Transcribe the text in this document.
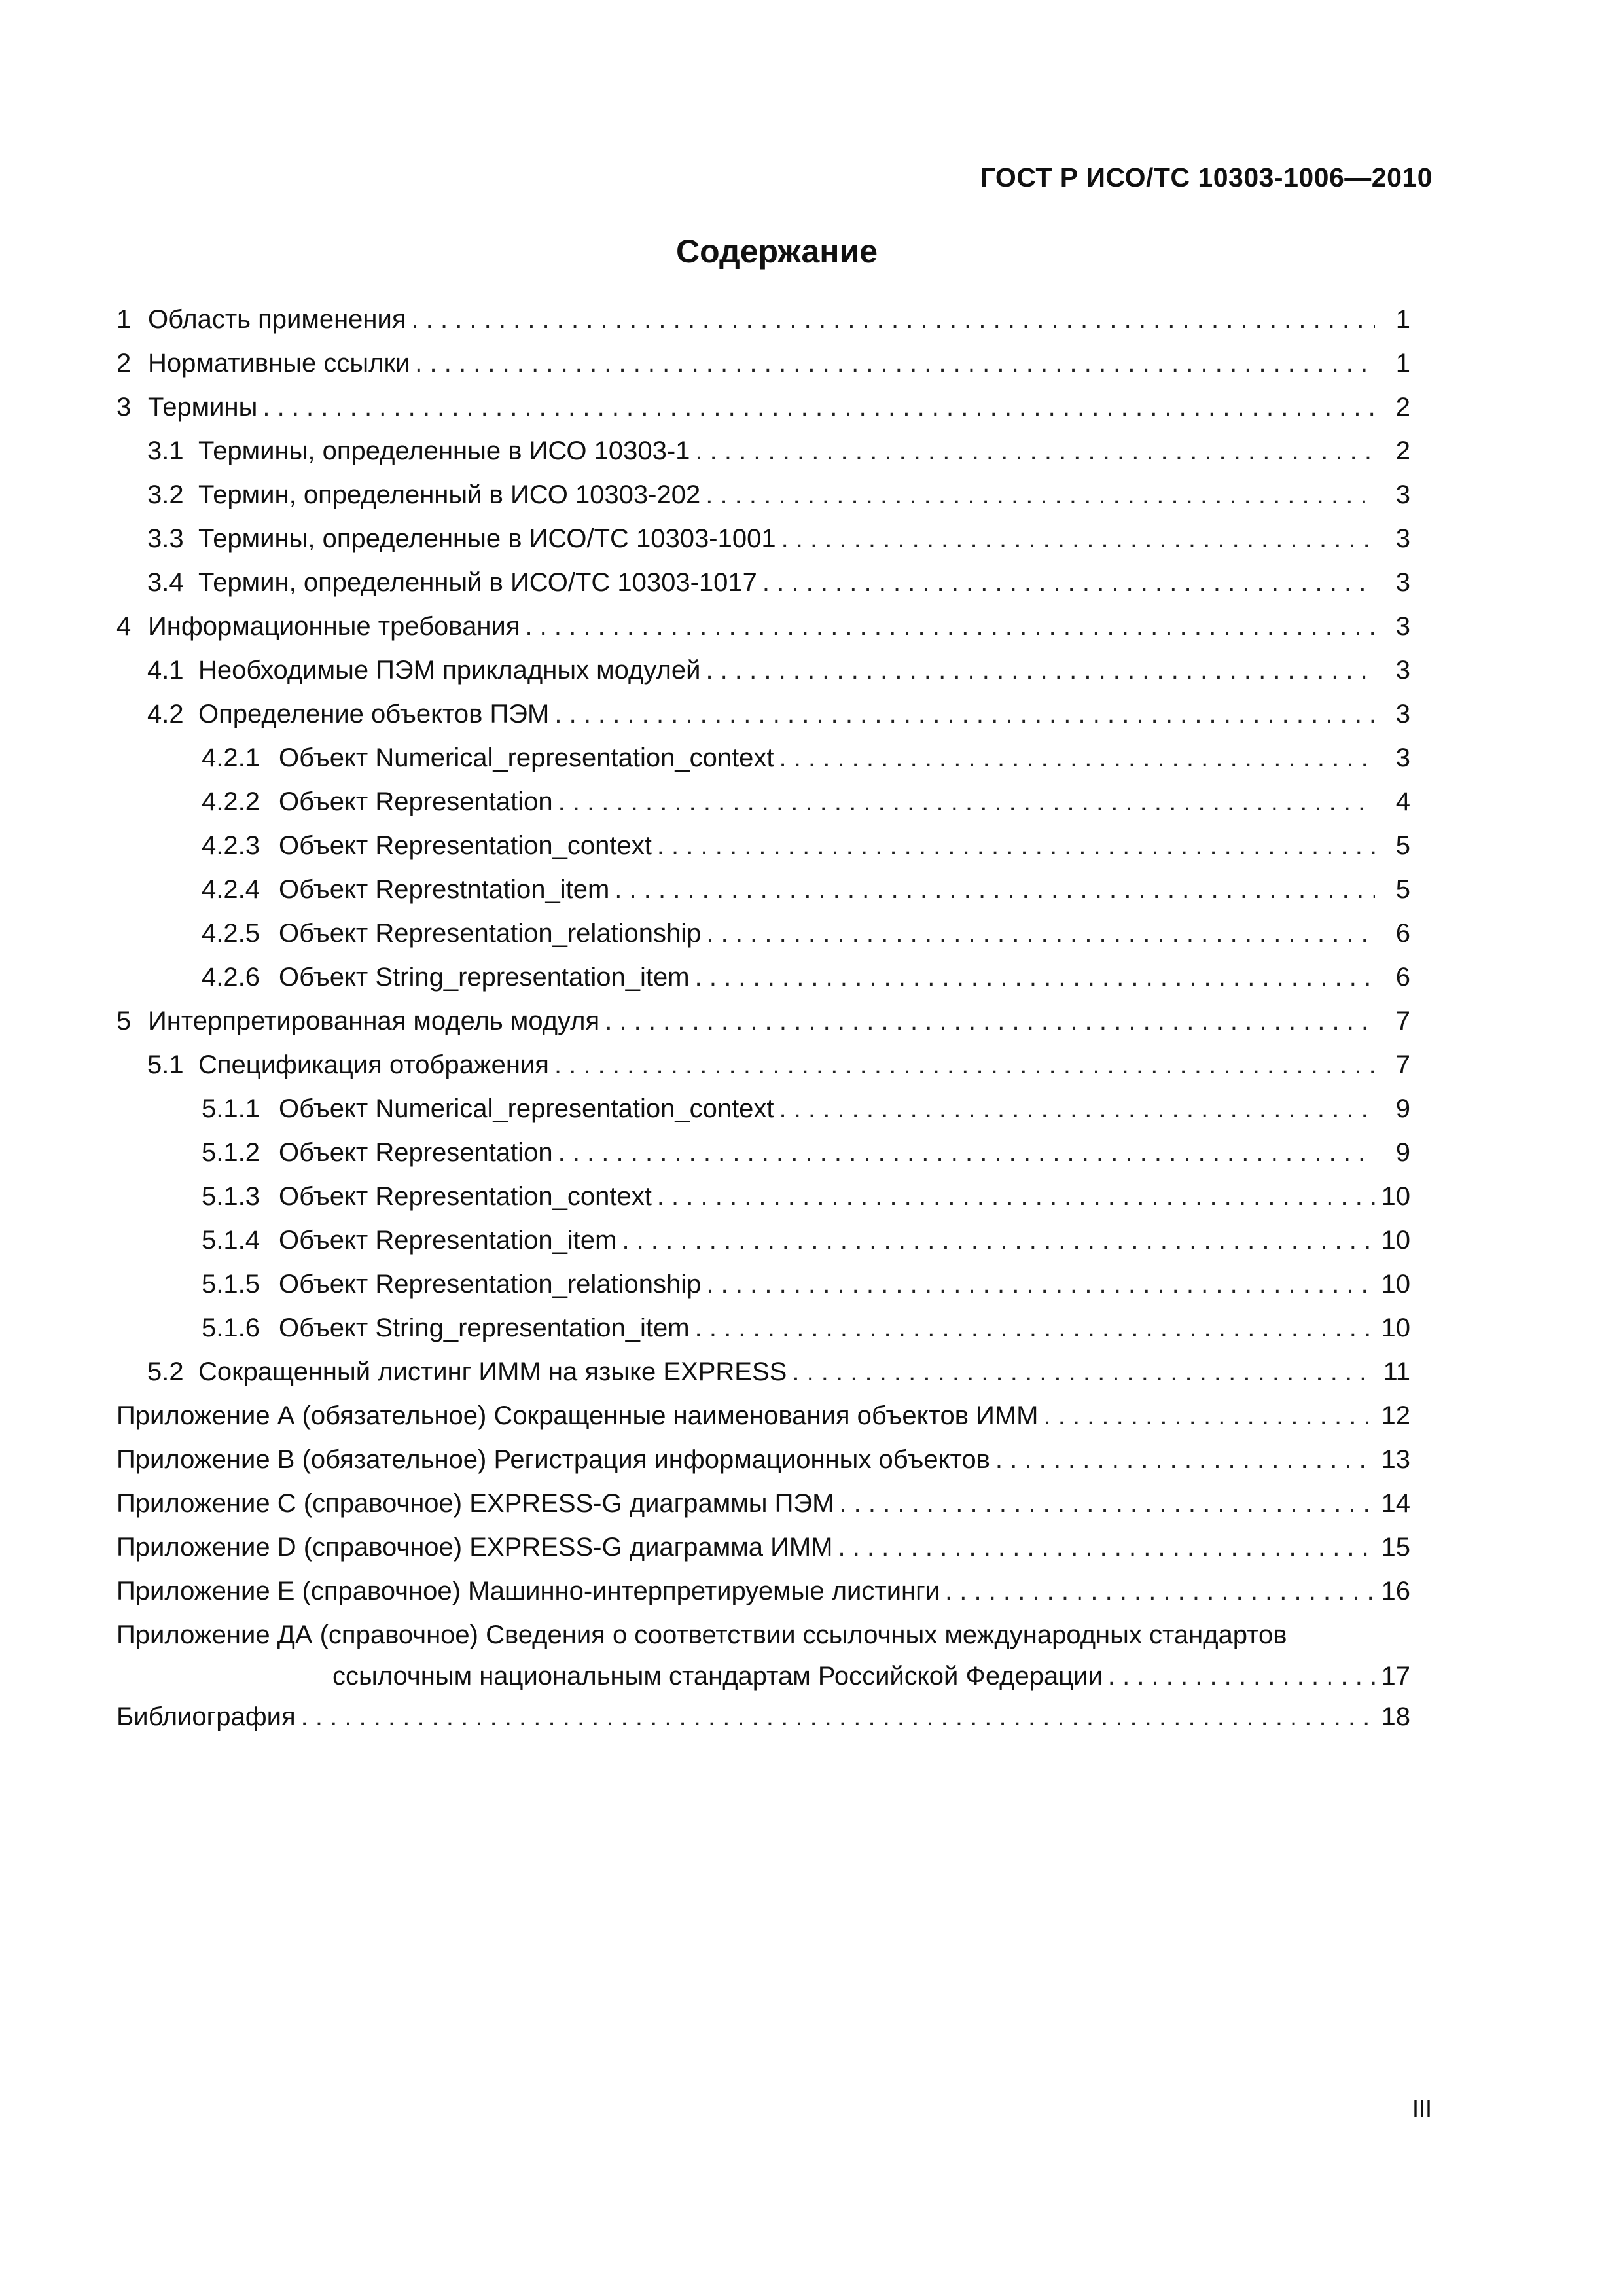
ГОСТ Р ИСО/ТС 10303-1006—2010
Содержание
1 Область применения . . .	1
2 Нормативные ссылки . . .	1
3 Термины . . .	2
3.1 Термины, определенные в ИСО 10303-1 . . .	2
3.2 Термин, определенный в ИСО 10303-202 . . .	3
3.3 Термины, определенные в ИСО/ТС 10303-1001 . . .	3
3.4 Термин, определенный в ИСО/ТС 10303-1017 . . .	3
4 Информационные требования . . .	3
4.1 Необходимые ПЭМ прикладных модулей . . .	3
4.2 Определение объектов ПЭМ . . .	3
4.2.1 Объект Numerical_representation_context . . .	3
4.2.2 Объект Representation . . .	4
4.2.3 Объект Representation_context . . .	5
4.2.4 Объект Represtntation_item . . .	5
4.2.5 Объект Representation_relationship . . .	6
4.2.6 Объект String_representation_item . . .	6
5 Интерпретированная модель модуля . . .	7
5.1 Спецификация отображения . . .	7
5.1.1 Объект Numerical_representation_context . . .	9
5.1.2 Объект Representation . . .	9
5.1.3 Объект Representation_context . . .	10
5.1.4 Объект Representation_item . . .	10
5.1.5 Объект Representation_relationship . . .	10
5.1.6 Объект String_representation_item . . .	10
5.2 Сокращенный листинг ИММ на языке EXPRESS . . .	11
Приложение А (обязательное) Сокращенные наименования объектов ИММ . . .	12
Приложение В (обязательное) Регистрация информационных объектов . . .	13
Приложение С (справочное) EXPRESS-G диаграммы ПЭМ . . .	14
Приложение D (справочное) EXPRESS-G диаграмма ИММ . . .	15
Приложение Е (справочное) Машинно-интерпретируемые листинги . . .	16
Приложение ДА (справочное) Сведения о соответствии ссылочных международных стандартов
ссылочным национальным стандартам Российской Федерации . . .	17
Библиография . . .	18
III
